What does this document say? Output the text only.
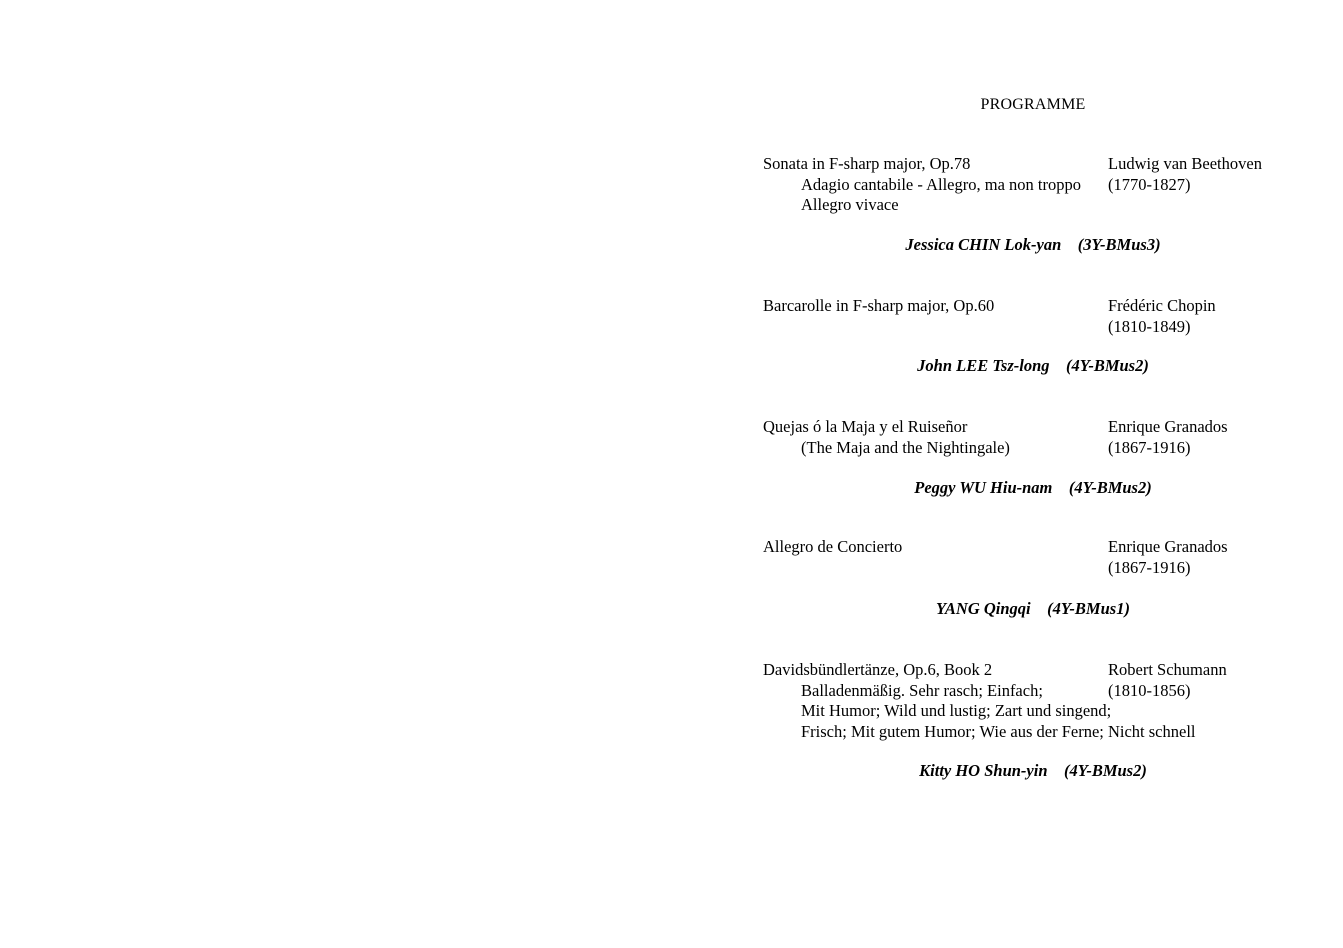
PROGRAMME
Sonata in F-sharp major, Op.78
Adagio cantabile - Allegro, ma non troppo
Allegro vivace
Ludwig van Beethoven
(1770-1827)
Jessica CHIN Lok-yan (3Y-BMus3)
Barcarolle in F-sharp major, Op.60	Frédéric Chopin
(1810-1849)
John LEE Tsz-long (4Y-BMus2)
Quejas ó la Maja y el Ruiseñor
(The Maja and the Nightingale)
Enrique Granados
(1867-1916)
Peggy WU Hiu-nam (4Y-BMus2)
Allegro de Concierto	Enrique Granados
(1867-1916)
YANG Qingqi (4Y-BMus1)
Davidsbündlertänze, Op.6, Book 2
Balladenmäßig. Sehr rasch; Einfach;
Mit Humor; Wild und lustig; Zart und singend;
Frisch; Mit gutem Humor; Wie aus der Ferne; Nicht schnell
Robert Schumann
(1810-1856)
Kitty HO Shun-yin (4Y-BMus2)
